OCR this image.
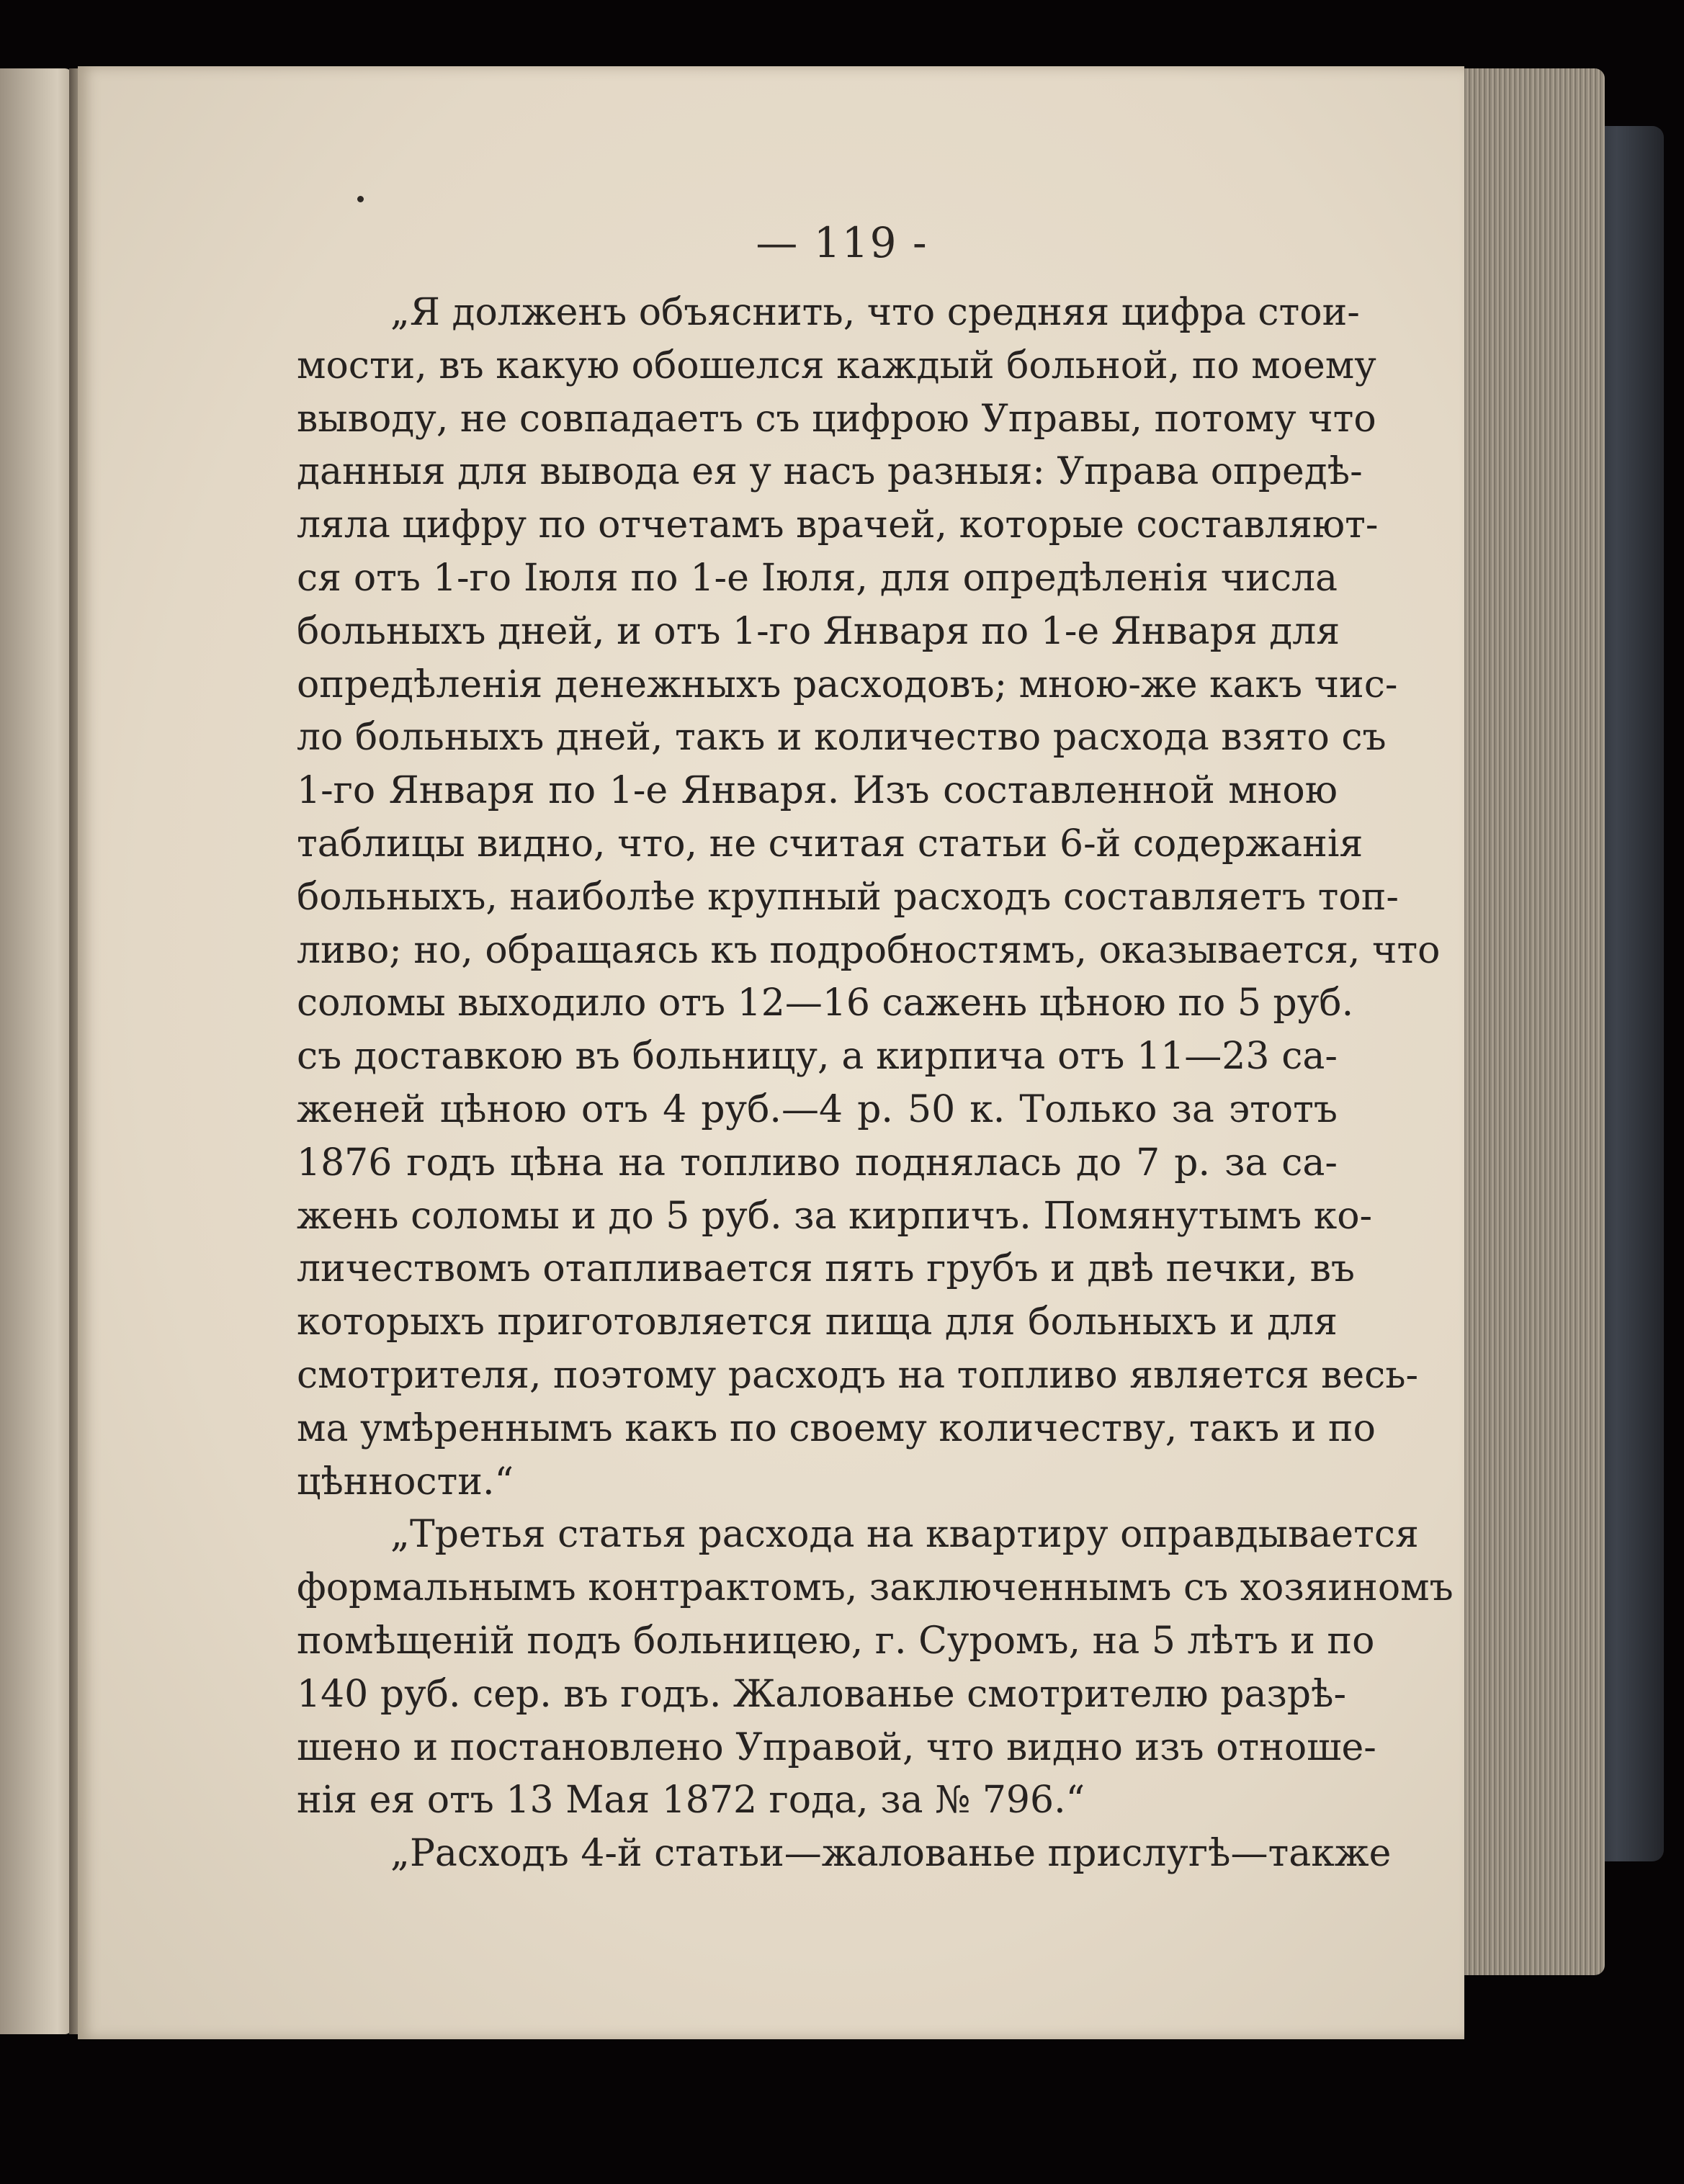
— 119 -
„Я долженъ объяснить, что средняя цифра стои-
мости, въ какую обошелся каждый больной, по моему
выводу, не совпадаетъ съ цифрою Управы, потому что
данныя для вывода ея у насъ разныя: Управа опредѣ-
ляла цифру по отчетамъ врачей, которые составляют-
ся отъ 1-го Іюля по 1-е Іюля, для опредѣленія числа
больныхъ дней, и отъ 1-го Января по 1-е Января для
опредѣленія денежныхъ расходовъ; мною-же какъ чис-
ло больныхъ дней, такъ и количество расхода взято съ
1-го Января по 1-е Января. Изъ составленной мною
таблицы видно, что, не считая статьи 6-й содержанія
больныхъ, наиболѣе крупный расходъ составляетъ топ-
ливо; но, обращаясь къ подробностямъ, оказывается, что
соломы выходило отъ 12—16 сажень цѣною по 5 руб.
съ доставкою въ больницу, а кирпича отъ 11—23 са-
женей цѣною отъ 4 руб.—4 р. 50 к. Только за этотъ
1876 годъ цѣна на топливо поднялась до 7 р. за са-
жень соломы и до 5 руб. за кирпичъ. Помянутымъ ко-
личествомъ отапливается пять грубъ и двѣ печки, въ
которыхъ приготовляется пища для больныхъ и для
смотрителя, поэтому расходъ на топливо является весь-
ма умѣреннымъ какъ по своему количеству, такъ и по
цѣнности.“
„Третья статья расхода на квартиру оправдывается
формальнымъ контрактомъ, заключеннымъ съ хозяиномъ
помѣщеній подъ больницею, г. Суромъ, на 5 лѣтъ и по
140 руб. сер. въ годъ. Жалованье смотрителю разрѣ-
шено и постановлено Управой, что видно изъ отноше-
нія ея отъ 13 Мая 1872 года, за № 796.“
„Расходъ 4-й статьи—жалованье прислугѣ—также
